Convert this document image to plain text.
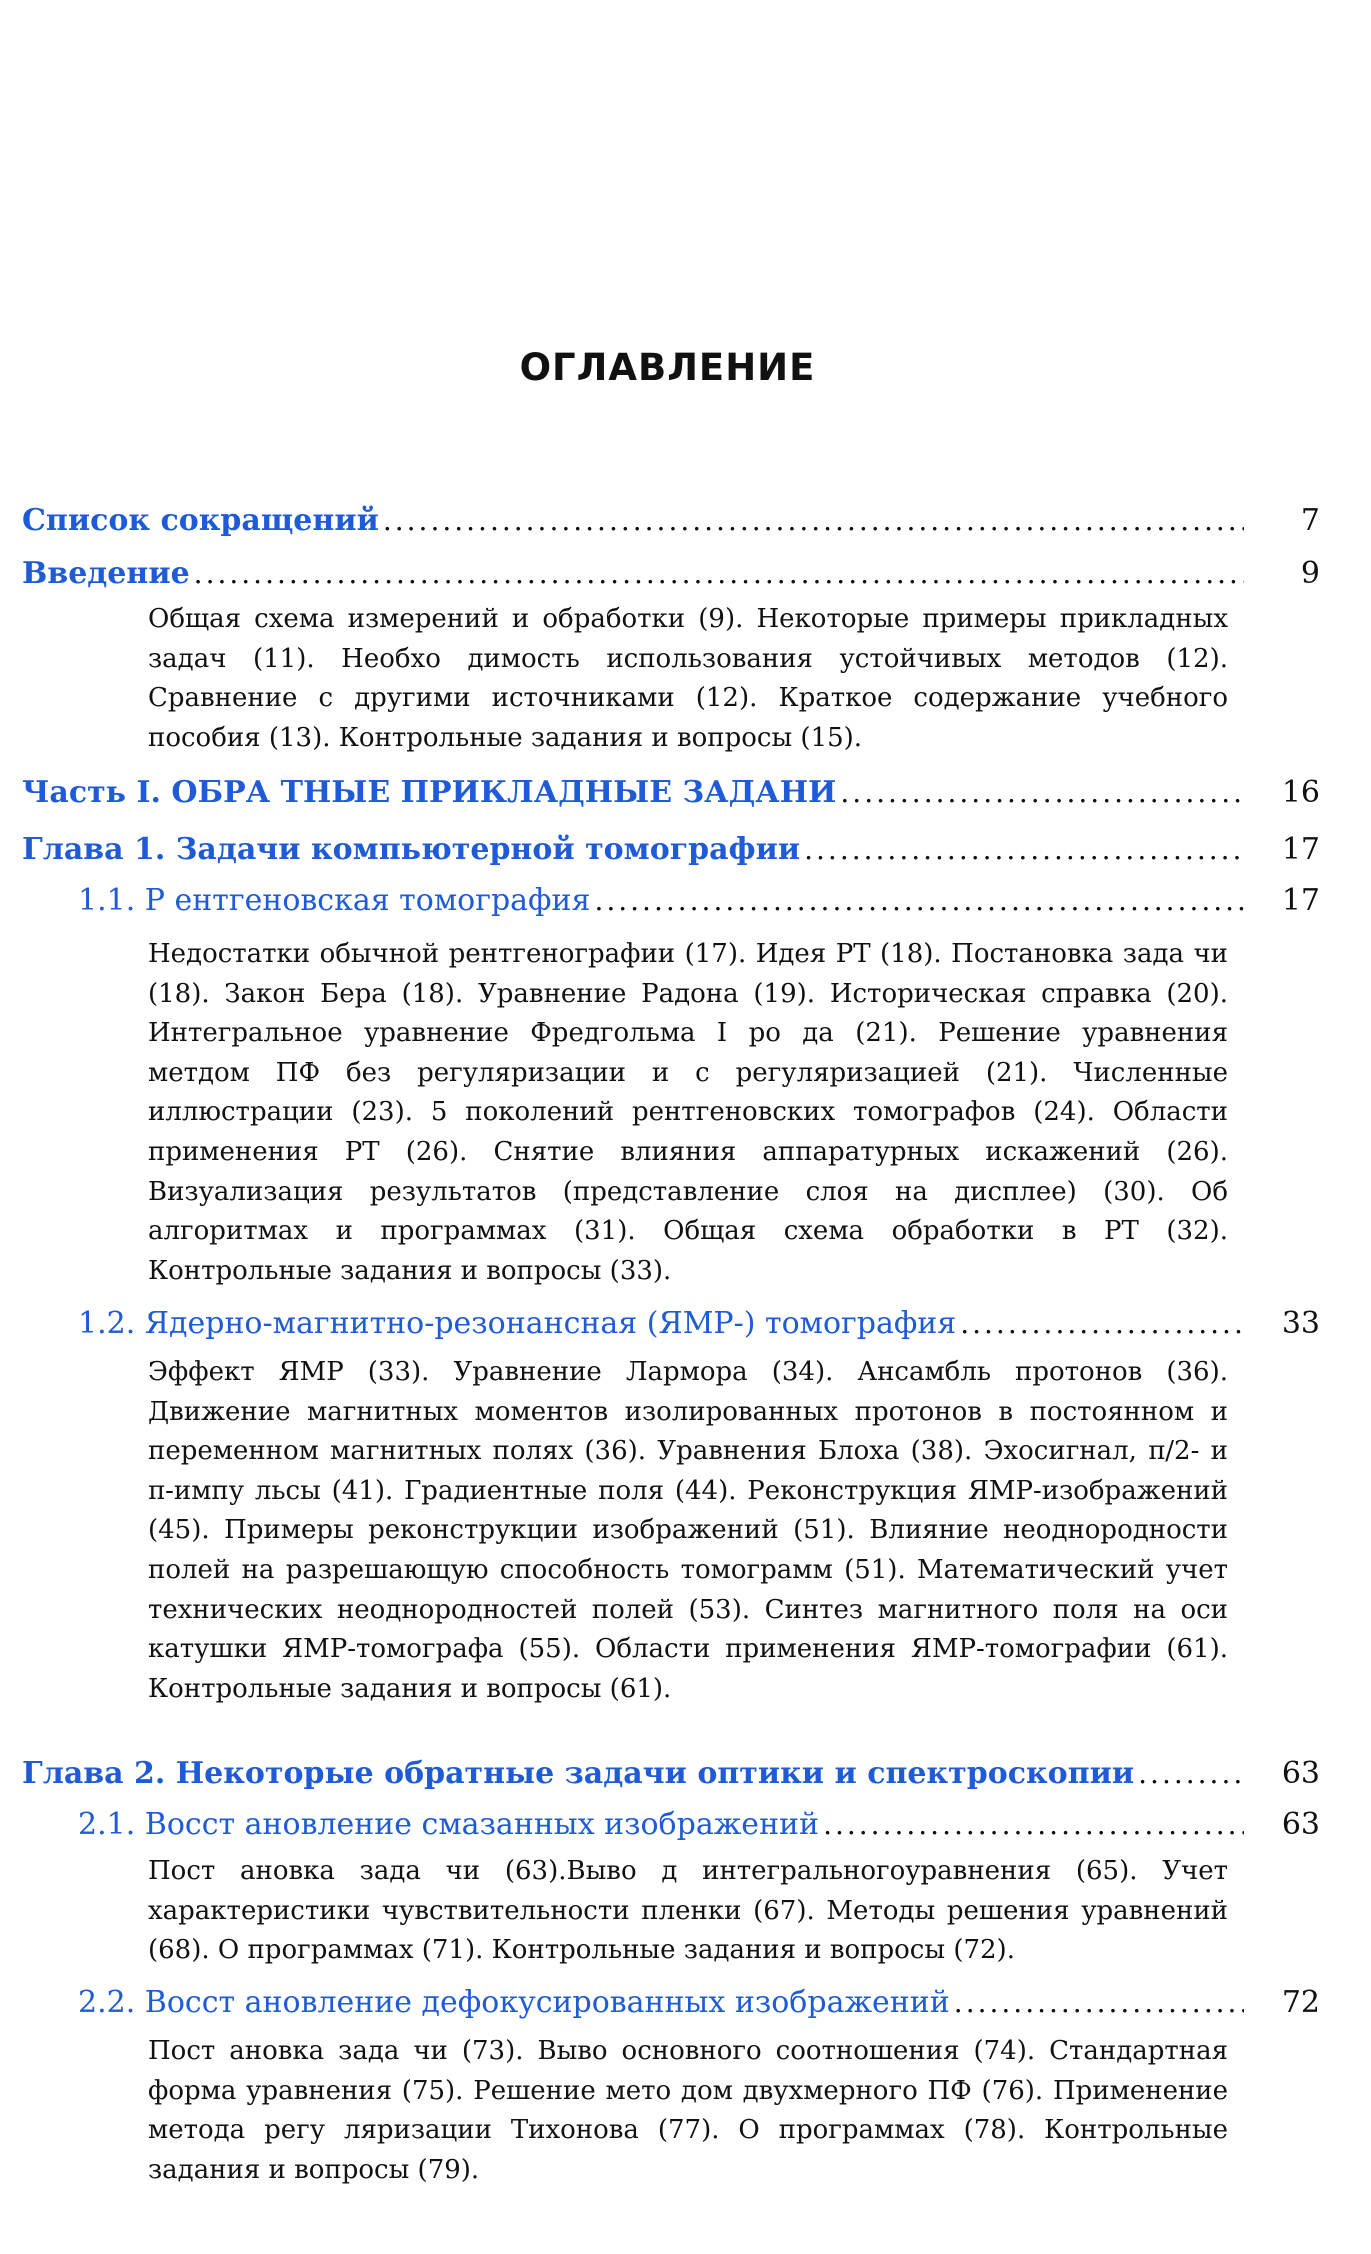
ОГЛАВЛЕНИЕ
Список сокращений .....	7
Введение .....	9
Общая схема измерений и обработки (9). Некоторые примеры прикладных задач (11). Необхо димость использования устойчивых методов (12). Сравнение с другими источниками (12). Краткое содержание учебного пособия (13). Контрольные задания и вопросы (15).
Часть I. ОБРА ТНЫЕ ПРИКЛАДНЫЕ ЗАДАНИ .....	16
Глава 1. Задачи компьютерной томографии .....	17
1.1. Р ентгеновская томография .....	17
Недостатки обычной рентгенографии (17). Идея РТ (18). Постановка зада чи (18). Закон Бера (18). Уравнение Радона (19). Историческая справка (20). Интегральное уравнение Фредгольма I ро да (21). Решение уравнения метдом ПФ без регуляризации и с регуляризацией (21). Численные иллюстрации (23). 5 поколений рентгеновских томографов (24). Области применения РТ (26). Снятие влияния аппаратурных искажений (26). Визуализация результатов (представление слоя на дисплее) (30). Об алгоритмах и программах (31). Общая схема обработки в РТ (32). Контрольные задания и вопросы (33).
1.2. Ядерно-магнитно-резонансная (ЯМР-) томография .....	33
Эффект ЯМР (33). Уравнение Лармора (34). Ансамбль протонов (36). Движение магнитных моментов изолированных протонов в постоянном и переменном магнитных полях (36). Уравнения Блоха (38). Эхосигнал, π/2- и π-импу льсы (41). Градиентные поля (44). Реконструкция ЯМР-изображений (45). Примеры реконструкции изображений (51). Влияние неоднородности полей на разрешающую способность томограмм (51). Математический учет технических неоднородностей полей (53). Синтез магнитного поля на оси катушки ЯМР-томографа (55). Области применения ЯМР-томографии (61). Контрольные задания и вопросы (61).
Глава 2. Некоторые обратные задачи оптики и спектроскопии .....	63
2.1. Восст ановление смазанных изображений .....	63
Пост ановка зада чи (63).Выво д интегральногоуравнения (65). Учет характеристики чувствительности пленки (67). Методы решения уравнений (68). О программах (71). Контрольные задания и вопросы (72).
2.2. Восст ановление дефокусированных изображений .....	72
Пост ановка зада чи (73). Выво основного соотношения (74). Стандартная форма уравнения (75). Решение мето дом двухмерного ПФ (76). Применение метода регу ляризации Тихонова (77). О программах (78). Контрольные задания и вопросы (79).
